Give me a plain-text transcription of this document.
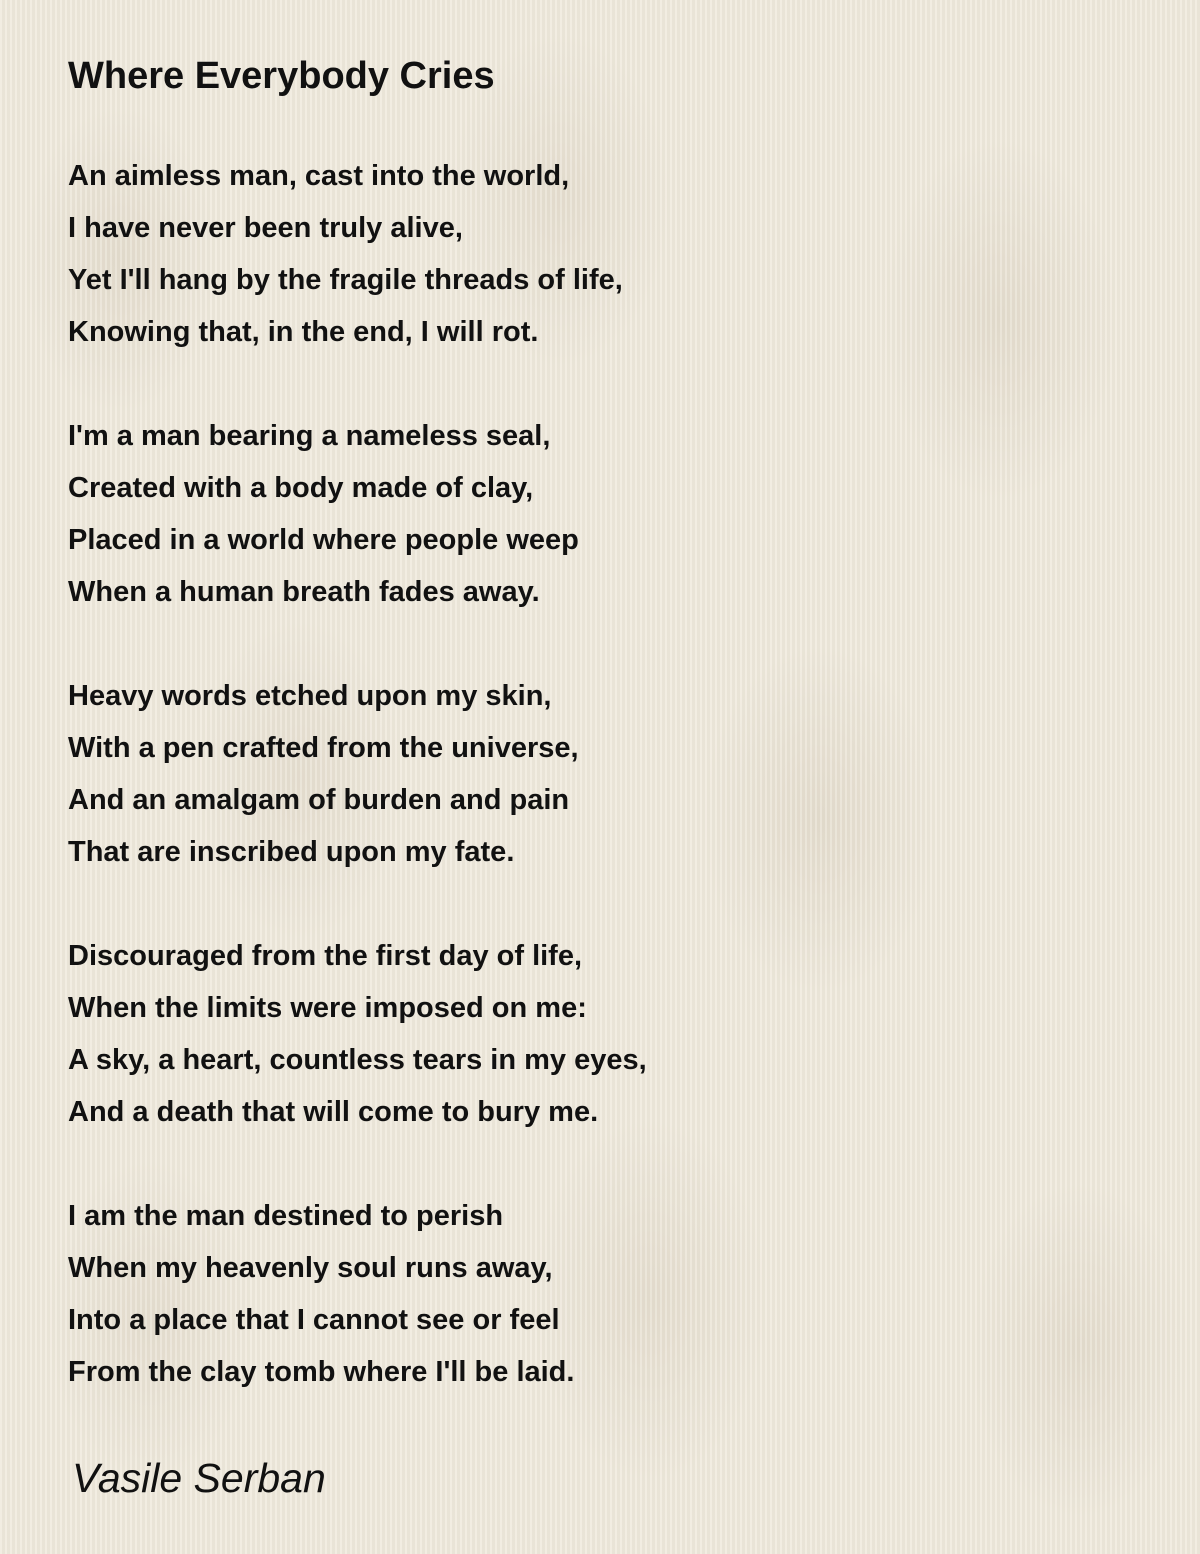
Where Everybody Cries
An aimless man, cast into the world,
I have never been truly alive,
Yet I'll hang by the fragile threads of life,
Knowing that, in the end, I will rot.
I'm a man bearing a nameless seal,
Created with a body made of clay,
Placed in a world where people weep
When a human breath fades away.
Heavy words etched upon my skin,
With a pen crafted from the universe,
And an amalgam of burden and pain
That are inscribed upon my fate.
Discouraged from the first day of life,
When the limits were imposed on me:
A sky, a heart, countless tears in my eyes,
And a death that will come to bury me.
I am the man destined to perish
When my heavenly soul runs away,
Into a place that I cannot see or feel
From the clay tomb where I'll be laid.
Vasile Serban
